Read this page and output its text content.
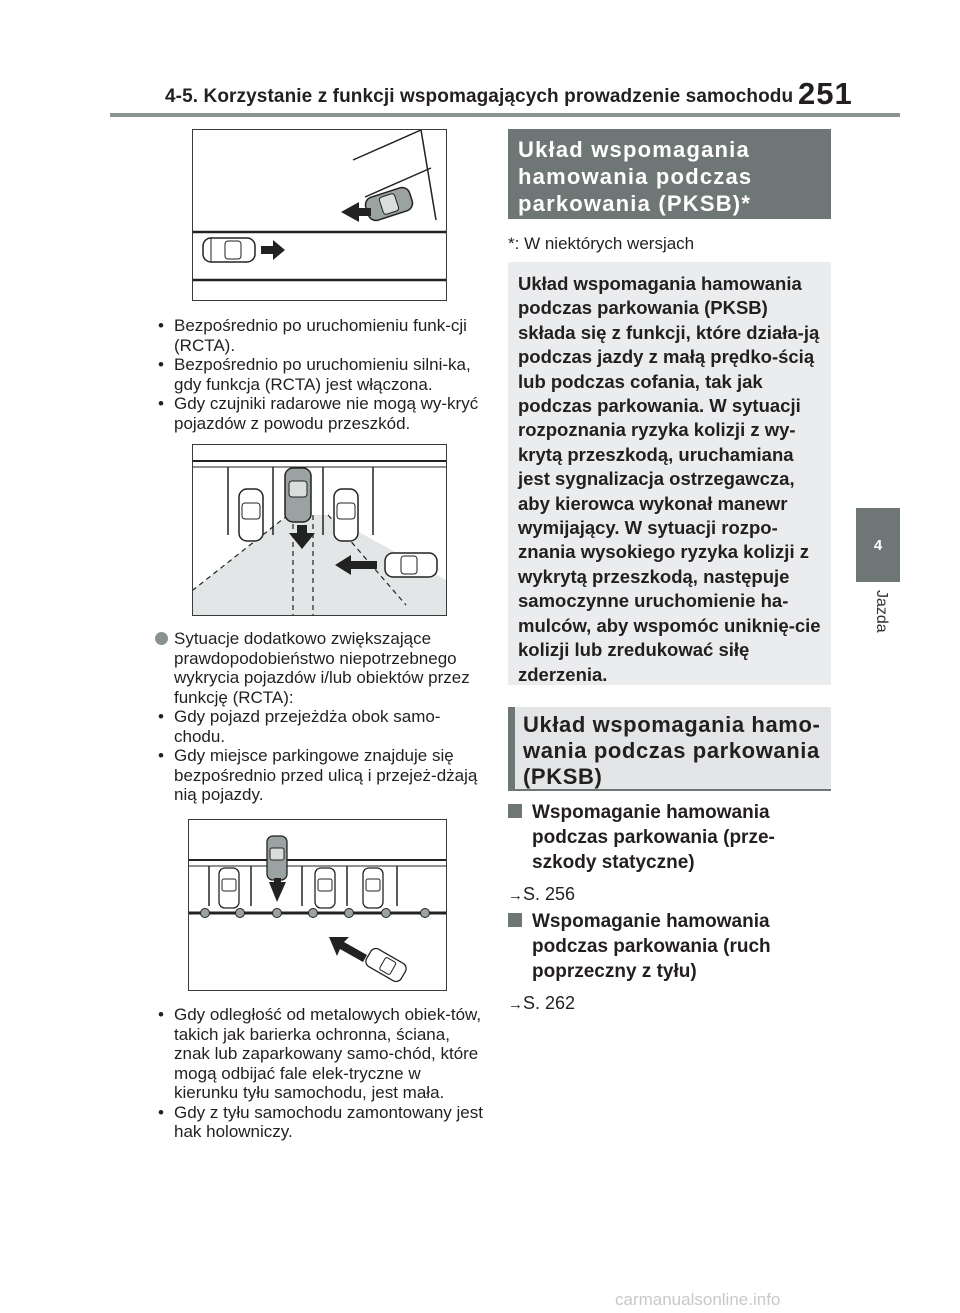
4-5. Korzystanie z funkcji wspomagających prowadzenie samochodu 251
4
Jazda
• Bezpośrednio po uruchomieniu funk-cji (RCTA).
• Bezpośrednio po uruchomieniu silni-ka, gdy funkcja (RCTA) jest włączona.
• Gdy czujniki radarowe nie mogą wy-kryć pojazdów z powodu przeszkód.
Sytuacje dodatkowo zwiększające prawdopodobieństwo niepotrzebnego wykrycia pojazdów i/lub obiektów przez funkcję (RCTA):
• Gdy pojazd przejeżdża obok samo-chodu.
• Gdy miejsce parkingowe znajduje się bezpośrednio przed ulicą i przejeż-dżają nią pojazdy.
• Gdy odległość od metalowych obiek-tów, takich jak barierka ochronna, ściana, znak lub zaparkowany samo-chód, które mogą odbijać fale elek-tryczne w kierunku tyłu samochodu, jest mała.
• Gdy z tyłu samochodu zamontowany jest hak holowniczy.
Układ wspomagania hamowania podczas parkowania (PKSB)*
*: W niektórych wersjach
Układ wspomagania hamowania podczas parkowania (PKSB) składa się z funkcji, które działa-ją podczas jazdy z małą prędko-ścią lub podczas cofania, tak jak podczas parkowania. W sytuacji rozpoznania ryzyka kolizji z wy-krytą przeszkodą, uruchamiana jest sygnalizacja ostrzegawcza, aby kierowca wykonał manewr wymijający. W sytuacji rozpo-znania wysokiego ryzyka kolizji z wykrytą przeszkodą, następuje samoczynne uruchomienie ha-mulców, aby wspomóc uniknię-cie kolizji lub zredukować siłę zderzenia.
Układ wspomagania hamo-wania podczas parkowania (PKSB)
Wspomaganie hamowania podczas parkowania (prze-szkody statyczne)
→S. 256
Wspomaganie hamowania podczas parkowania (ruch poprzeczny z tyłu)
→S. 262
carmanualsonline.info
